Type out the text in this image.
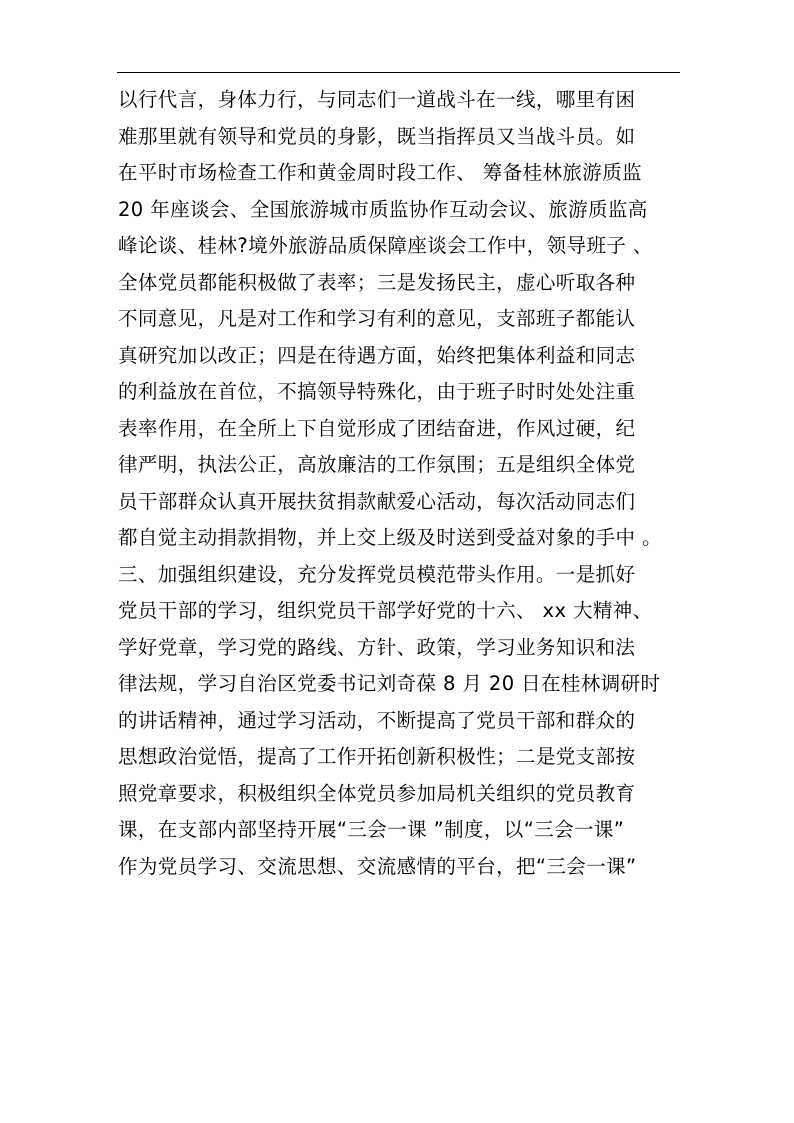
以行代言，身体力行，与同志们一道战斗在一线，哪里有困
难那里就有领导和党员的身影，既当指挥员又当战斗员。如
在平时市场检查工作和黄金周时段工作、 筹备桂林旅游质监
20 年座谈会、全国旅游城市质监协作互动会议、旅游质监高
峰论谈、桂林?境外旅游品质保障座谈会工作中，领导班子 、
全体党员都能积极做了表率；三是发扬民主，虚心听取各种
不同意见，凡是对工作和学习有利的意见，支部班子都能认
真研究加以改正；四是在待遇方面，始终把集体利益和同志
的利益放在首位，不搞领导特殊化，由于班子时时处处注重
表率作用，在全所上下自觉形成了团结奋进，作风过硬，纪
律严明，执法公正，高放廉洁的工作氛围；五是组织全体党
员干部群众认真开展扶贫捐款献爱心活动，每次活动同志们
都自觉主动捐款捐物，并上交上级及时送到受益对象的手中 。
三、加强组织建设，充分发挥党员模范带头作用。一是抓好
党员干部的学习，组织党员干部学好党的十六、 xx 大精神、
学好党章，学习党的路线、方针、政策，学习业务知识和法
律法规，学习自治区党委书记刘奇葆 8 月 20 日在桂林调研时
的讲话精神，通过学习活动，不断提高了党员干部和群众的
思想政治觉悟，提高了工作开拓创新积极性；二是党支部按
照党章要求，积极组织全体党员参加局机关组织的党员教育
课，在支部内部坚持开展“三会一课 ”制度，以“三会一课”
作为党员学习、交流思想、交流感情的平台，把“三会一课”
